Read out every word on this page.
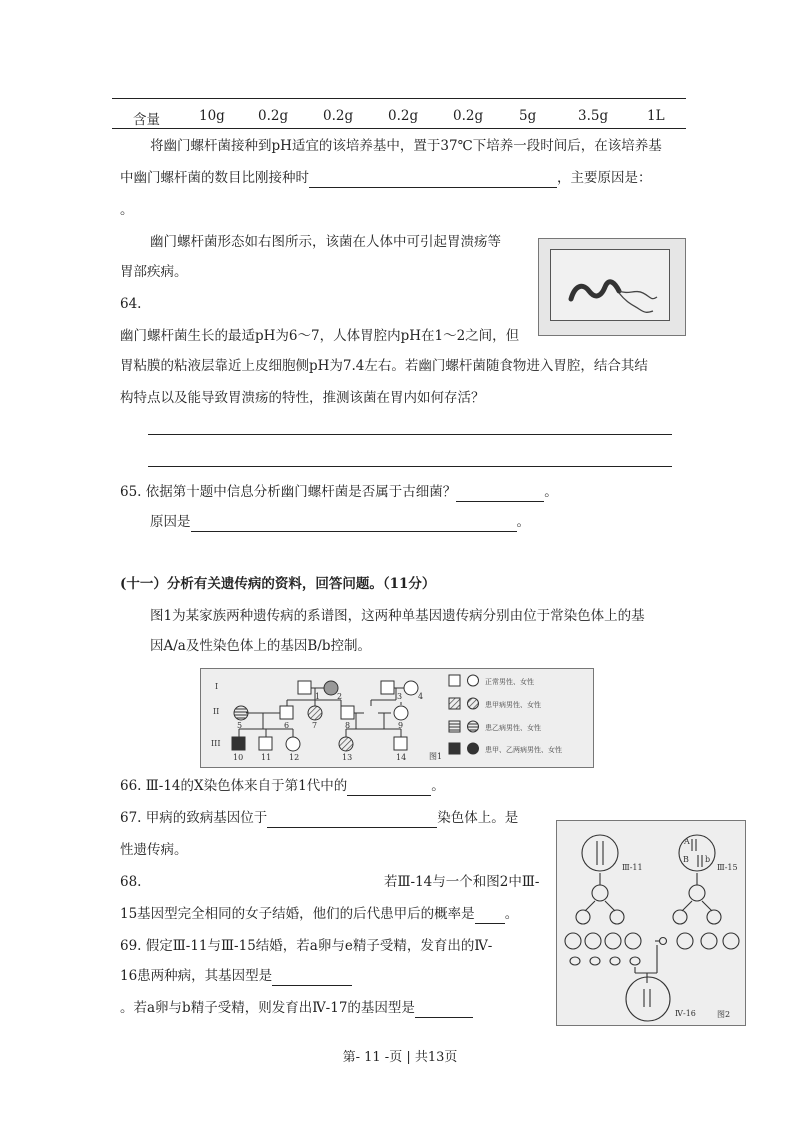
含量	10g 0.2g	0.2g	0.2g	0.2g	5g	3.5g	1L
将幽门螺杆菌接种到pH适宜的该培养基中，置于37℃下培养一段时间后，在该培养基
中幽门螺杆菌的数目比刚接种时	，主要原因是：
。
幽门螺杆菌形态如右图所示，该菌在人体中可引起胃溃疡等
胃部疾病。
64.
幽门螺杆菌生长的最适pH为6～7，人体胃腔内pH在1～2之间，但
胃粘膜的粘液层靠近上皮细胞侧pH为7.4左右。若幽门螺杆菌随食物进入胃腔，结合其结
构特点以及能导致胃溃疡的特性，推测该菌在胃内如何存活？
65. 依据第十题中信息分析幽门螺杆菌是否属于古细菌？	。
原因是	。
(十一）分析有关遗传病的资料，回答问题。（11分）
图1为某家族两种遗传病的系谱图，这两种单基因遗传病分别由位于常染色体上的基
因A/a及性染色体上的基因B/b控制。
I
II
III
1 2	3 4
5	6	7	8	9
10 11 12	13	14
正常男性、女性
患甲病男性、女性
患乙病男性、女性
患甲、乙两病男性、女性
图1
66. Ⅲ-14的X染色体来自于第1代中的	。
67. 甲病的致病基因位于	染色体上。是
性遗传病。
68.	若Ⅲ-14与一个和图2中Ⅲ-
15基因型完全相同的女子结婚，他们的后代患甲后的概率是 。
69. 假定Ⅲ-11与Ⅲ-15结婚，若a卵与e精子受精，发育出的Ⅳ-
16患两种病，其基因型是
。若a卵与b精子受精，则发育出Ⅳ-17的基因型是
Ⅲ-11	Ⅲ-15
Ⅳ-16	图2
A
B b
第- 11 -页 | 共13页
